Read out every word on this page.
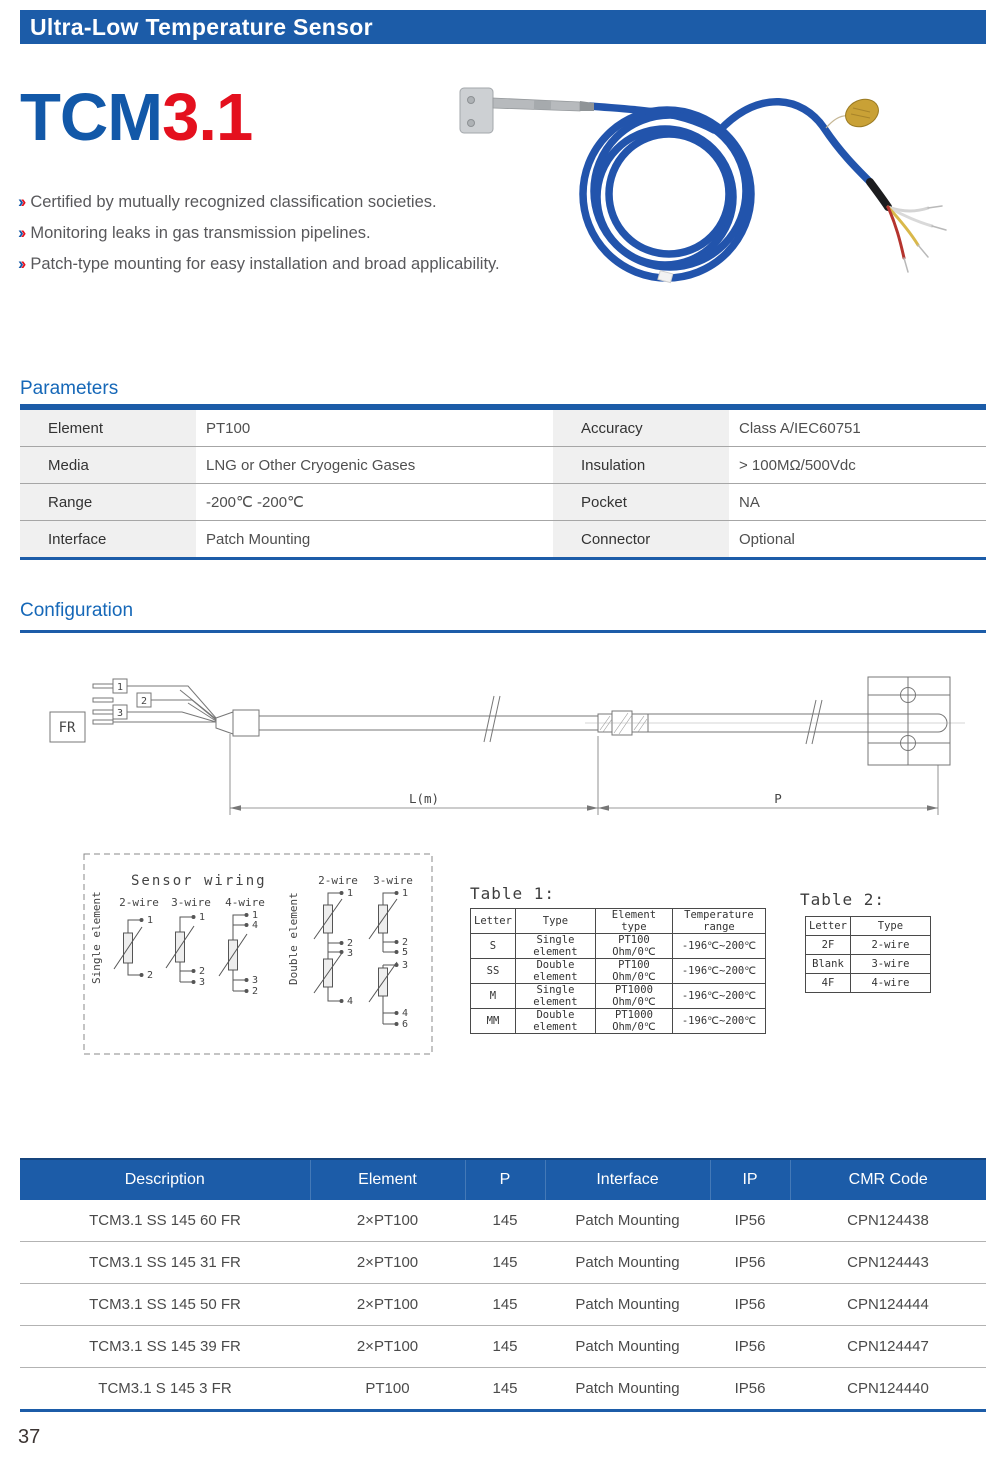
Ultra-Low Temperature Sensor
TCM3.1
›› Certified by mutually recognized classification societies.
›› Monitoring leaks in gas transmission pipelines.
›› Patch-type mounting for easy installation and broad applicability.
Parameters
Element	PT100	Accuracy	Class A/IEC60751
Media	LNG or Other Cryogenic Gases	Insulation	> 100MΩ/500Vdc
Range	-200℃ -200℃	Pocket	NA
Interface	Patch Mounting	Connector	Optional
Configuration
FR
1
2
3
L(m)	P
Sensor wiring
Single element	Double element
2-wire 3-wire 4-wire
2-wire 3-wire
1
2
1
2
3
1
4
3
2
1
2
3
4
1
2
5
3
4
6
Table 1:
Letter	Type	Element type	Temperature range
S	Single element	PT100 Ohm/0℃	-196℃~200℃
SS	Double element	PT100 Ohm/0℃	-196℃~200℃
M	Single element	PT1000 Ohm/0℃	-196℃~200℃
MM	Double element	PT1000 Ohm/0℃	-196℃~200℃
Table 2:
Letter	Type
2F	2-wire
Blank	3-wire
4F	4-wire
Description	Element	P	Interface	IP	CMR Code
TCM3.1 SS 145 60 FR	2×PT100	145	Patch Mounting	IP56	CPN124438
TCM3.1 SS 145 31 FR	2×PT100	145	Patch Mounting	IP56	CPN124443
TCM3.1 SS 145 50 FR	2×PT100	145	Patch Mounting	IP56	CPN124444
TCM3.1 SS 145 39 FR	2×PT100	145	Patch Mounting	IP56	CPN124447
TCM3.1 S 145 3 FR	PT100	145	Patch Mounting	IP56	CPN124440
37
